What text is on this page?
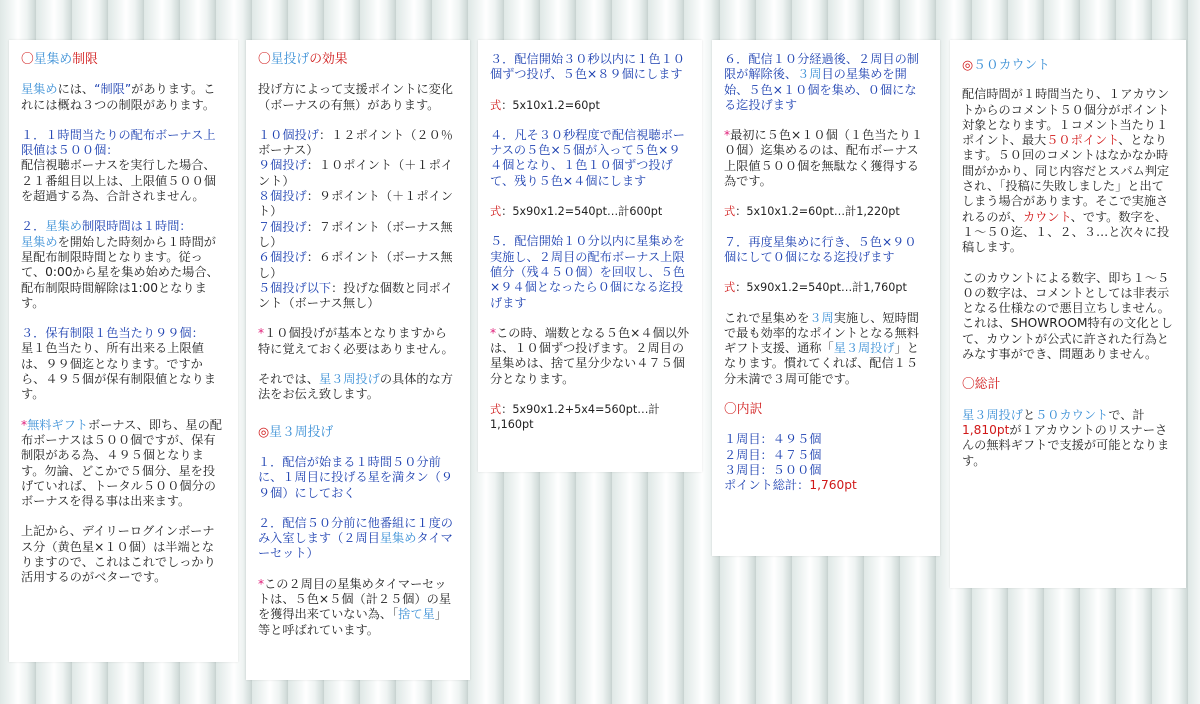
〇星集め制限
星集めには、“制限”があります。これには概ね３つの制限があります。
１．１時間当たりの配布ボーナス上限値は５００個：
配信視聴ボーナスを実行した場合、２１番組目以上は、上限値５００個を超過する為、合計されません。
２．星集め制限時間は１時間：
星集めを開始した時刻から１時間が星配布制限時間となります。従って、0:00から星を集め始めた場合、配布制限時間解除は1:00となります。
３．保有制限１色当たり９９個：
星１色当たり、所有出来る上限値は、９９個迄となります。ですから、４９５個が保有制限値となります。
*無料ギフトボーナス、即ち、星の配布ボーナスは５００個ですが、保有制限がある為、４９５個となります。勿論、どこかで５個分、星を投げていれば、トータル５００個分のボーナスを得る事は出来ます。
上記から、デイリーログインボーナス分（黄色星×１０個）は半端となりますので、これはこれでしっかり活用するのがベターです。
〇星投げの効果
投げ方によって支援ポイントに変化（ボーナスの有無）があります。
１０個投げ：１２ポイント（２０％ボーナス）
９個投げ：１０ポイント（＋１ポイント）
８個投げ：９ポイント（＋１ポイント）
７個投げ：７ポイント（ボーナス無し）
６個投げ：６ポイント（ボーナス無し）
５個投げ以下：投げな個数と同ポイント（ボーナス無し）
*１０個投げが基本となりますから特に覚えておく必要はありません。
それでは、星３周投げの具体的な方法をお伝え致します。
◎星３周投げ
１．配信が始まる１時間５０分前に、１周目に投げる星を満タン（９９個）にしておく
２．配信５０分前に他番組に１度のみ入室します（２周目星集めタイマーセット）
*この２周目の星集めタイマーセットは、５色×５個（計２５個）の星を獲得出来ていない為、「捨て星」等と呼ばれています。
３．配信開始３０秒以内に１色１０個ずつ投げ、５色×８９個にします
式：5x10x1.2=60pt
４．凡そ３０秒程度で配信視聴ボーナスの５色×５個が入って５色×９４個となり、１色１０個ずつ投げて、残り５色×４個にします
式：5x90x1.2=540pt…計600pt
５．配信開始１０分以内に星集めを実施し、２周目の配布ボーナス上限値分（残４５０個）を回収し、５色×９４個となったら０個になる迄投げます
*この時、端数となる５色×４個以外は、１０個ずつ投げます。２周目の星集めは、捨て星分少ない４７５個分となります。
式：5x90x1.2+5x4=560pt…計1,160pt
６．配信１０分経過後、２周目の制限が解除後、３周目の星集めを開始、５色×１０個を集め、０個になる迄投げます
*最初に５色×１０個（１色当たり１０個）迄集めるのは、配布ボーナス上限値５００個を無駄なく獲得する為です。
式：5x10x1.2=60pt…計1,220pt
７．再度星集めに行き、５色×９０個にして０個になる迄投げます
式：5x90x1.2=540pt…計1,760pt
これで星集めを３周実施し、短時間で最も効率的なポイントとなる無料ギフト支援、通称「星３周投げ」となります。慣れてくれば、配信１５分未満で３周可能です。
〇内訳
１周目：４９５個
２周目：４７５個
３周目：５００個
ポイント総計：1,760pt
◎５０カウント
配信時間が１時間当たり、１アカウントからのコメント５０個分がポイント対象となります。１コメント当たり１ポイント、最大５０ポイント、となります。５０回のコメントはなかなか時間がかかり、同じ内容だとスパム判定され、「投稿に失敗しました」と出てしまう場合があります。そこで実施されるのが、カウント、です。数字を、１～５０迄、１、２、３…と次々に投稿します。
このカウントによる数字、即ち１～５０の数字は、コメントとしては非表示となる仕様なので悪目立ちしません。これは、SHOWROOM特有の文化として、カウントが公式に許された行為とみなす事ができ、問題ありません。
〇総計
星３周投げと５０カウントで、計1,810ptが１アカウントのリスナーさんの無料ギフトで支援が可能となります。
